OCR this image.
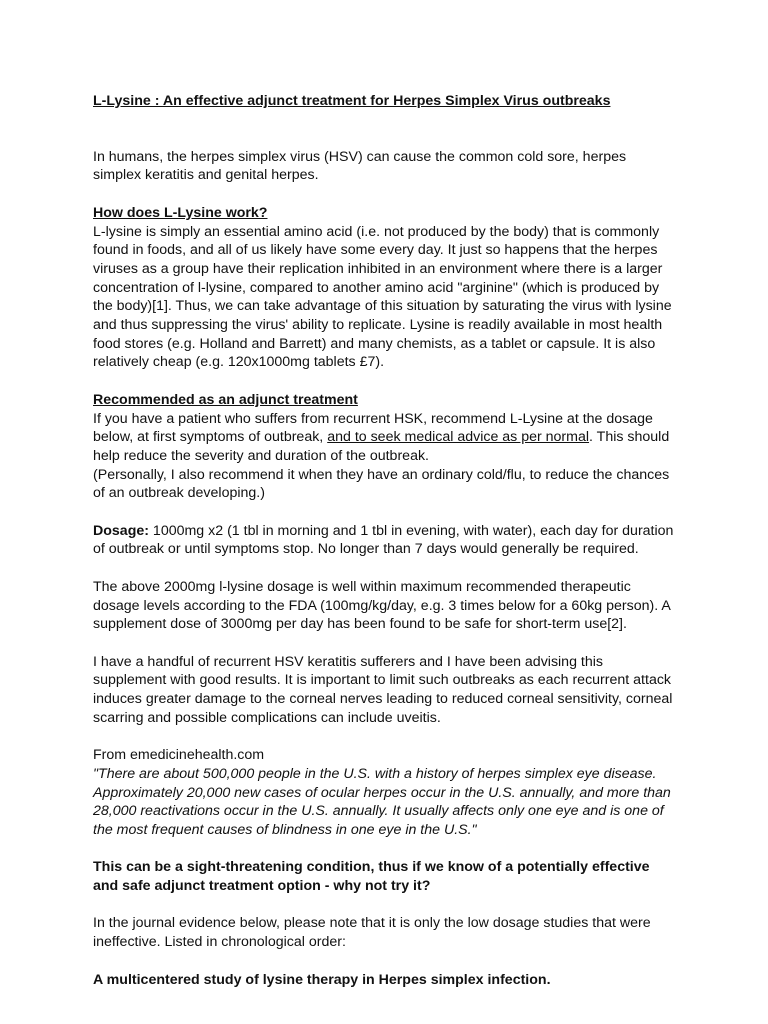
L-Lysine : An effective adjunct treatment for Herpes Simplex Virus outbreaks

In humans, the herpes simplex virus (HSV) can cause the common cold sore, herpes
simplex keratitis and genital herpes.

How does L-Lysine work?

L-lysine is simply an essential amino acid (i.e. not produced by the body) that is commonly
found in foods, and all of us likely have some every day. It just so happens that the herpes
viruses as a group have their replication inhibited in an environment where there is a larger
concentration of l-lysine, compared to another amino acid "arginine" (which is produced by
the body)[1]. Thus, we can take advantage of this situation by saturating the virus with lysine
and thus suppressing the virus' ability to replicate. Lysine is readily available in most health
food stores (e.g. Holland and Barrett) and many chemists, as a tablet or capsule. It is also
relatively cheap (e.g. 120x1000mg tablets £7).

Recommended as an adjunct treatment

If you have a patient who suffers from recurrent HSK, recommend L-Lysine at the dosage
below, at first symptoms of outbreak, and to seek medical advice as per normal. This should
help reduce the severity and duration of the outbreak.
(Personally, I also recommend it when they have an ordinary cold/flu, to reduce the chances
of an outbreak developing.)

Dosage: 1000mg x2 (1 tbl in morning and 1 tbl in evening, with water), each day for duration
of outbreak or until symptoms stop. No longer than 7 days would generally be required.

The above 2000mg l-lysine dosage is well within maximum recommended therapeutic
dosage levels according to the FDA (100mg/kg/day, e.g. 3 times below for a 60kg person). A
supplement dose of 3000mg per day has been found to be safe for short-term use[2].

I have a handful of recurrent HSV keratitis sufferers and I have been advising this
supplement with good results. It is important to limit such outbreaks as each recurrent attack
induces greater damage to the corneal nerves leading to reduced corneal sensitivity, corneal
scarring and possible complications can include uveitis.

From emedicinehealth.com
"There are about 500,000 people in the U.S. with a history of herpes simplex eye disease.
Approximately 20,000 new cases of ocular herpes occur in the U.S. annually, and more than
28,000 reactivations occur in the U.S. annually. It usually affects only one eye and is one of
the most frequent causes of blindness in one eye in the U.S."

This can be a sight-threatening condition, thus if we know of a potentially effective
and safe adjunct treatment option - why not try it?

In the journal evidence below, please note that it is only the low dosage studies that were
ineffective. Listed in chronological order:

A multicentered study of lysine therapy in Herpes simplex infection.
